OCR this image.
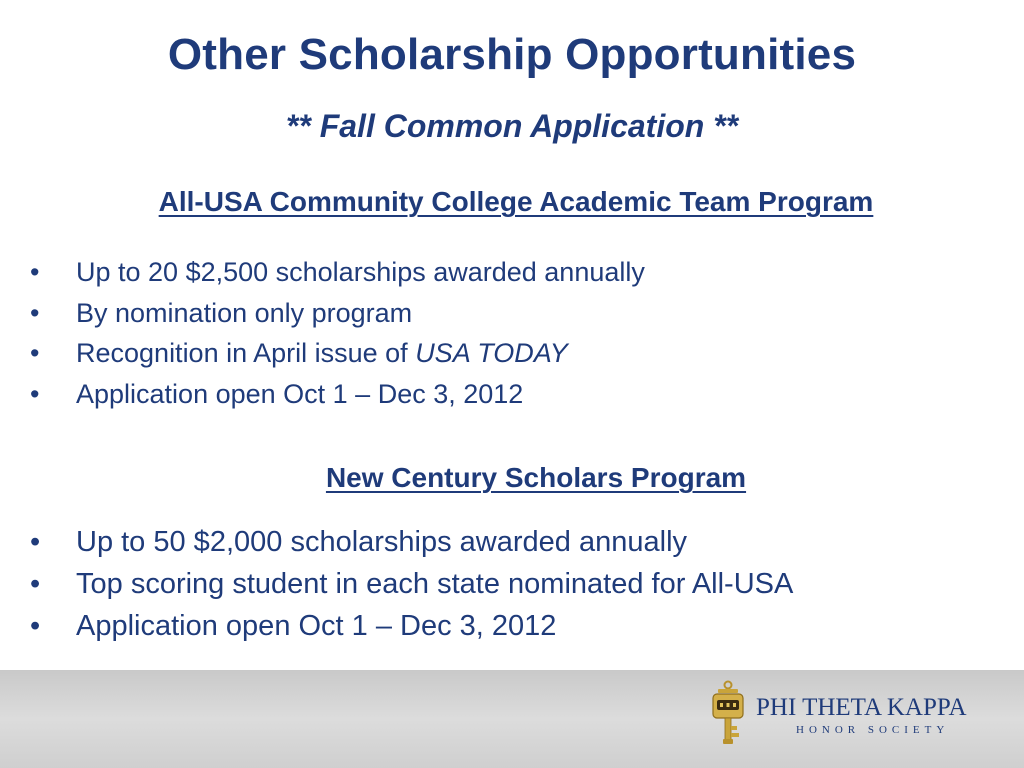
Other Scholarship Opportunities
** Fall Common Application **
All-USA Community College Academic Team Program
• Up to 20 $2,500 scholarships awarded annually
• By nomination only program
• Recognition in April issue of USA TODAY
• Application open Oct 1 – Dec 3, 2012
New Century Scholars Program
• Up to 50 $2,000 scholarships awarded annually
• Top scoring student in each state nominated for All-USA
• Application open Oct 1 – Dec 3, 2012
PHI THETA KAPPA
HONOR SOCIETY
